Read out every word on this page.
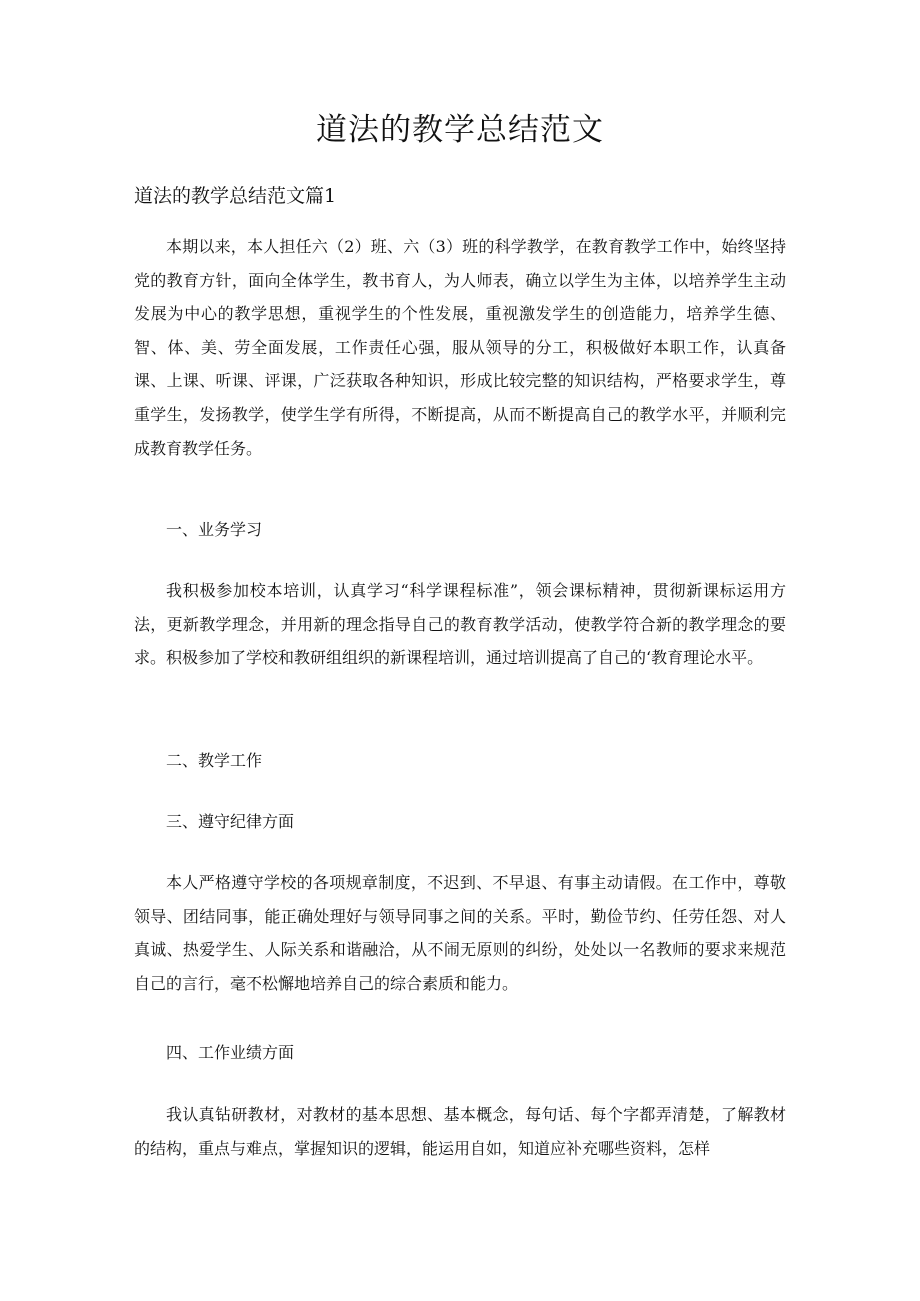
道法的教学总结范文
道法的教学总结范文篇1

本期以来，本人担任六（2）班、六（3）班的科学教学，在教育教学工作中，始终坚持党的教育方针，面向全体学生，教书育人，为人师表，确立以学生为主体，以培养学生主动发展为中心的教学思想，重视学生的个性发展，重视激发学生的创造能力，培养学生德、智、体、美、劳全面发展，工作责任心强，服从领导的分工，积极做好本职工作，认真备课、上课、听课、评课，广泛获取各种知识，形成比较完整的知识结构，严格要求学生，尊重学生，发扬教学，使学生学有所得，不断提高，从而不断提高自己的教学水平，并顺利完成教育教学任务。

一、业务学习

我积极参加校本培训，认真学习“科学课程标准”，领会课标精神，贯彻新课标运用方法，更新教学理念，并用新的理念指导自己的教育教学活动，使教学符合新的教学理念的要求。积极参加了学校和教研组组织的新课程培训，通过培训提高了自己的‘教育理论水平。

二、教学工作
三、遵守纪律方面

本人严格遵守学校的各项规章制度，不迟到、不早退、有事主动请假。在工作中，尊敬领导、团结同事，能正确处理好与领导同事之间的关系。平时，勤俭节约、任劳任怨、对人真诚、热爱学生、人际关系和谐融洽，从不闹无原则的纠纷，处处以一名教师的要求来规范自己的言行，毫不松懈地培养自己的综合素质和能力。

四、工作业绩方面

我认真钻研教材，对教材的基本思想、基本概念，每句话、每个字都弄清楚，了解教材的结构，重点与难点，掌握知识的逻辑，能运用自如，知道应补充哪些资料，怎样
